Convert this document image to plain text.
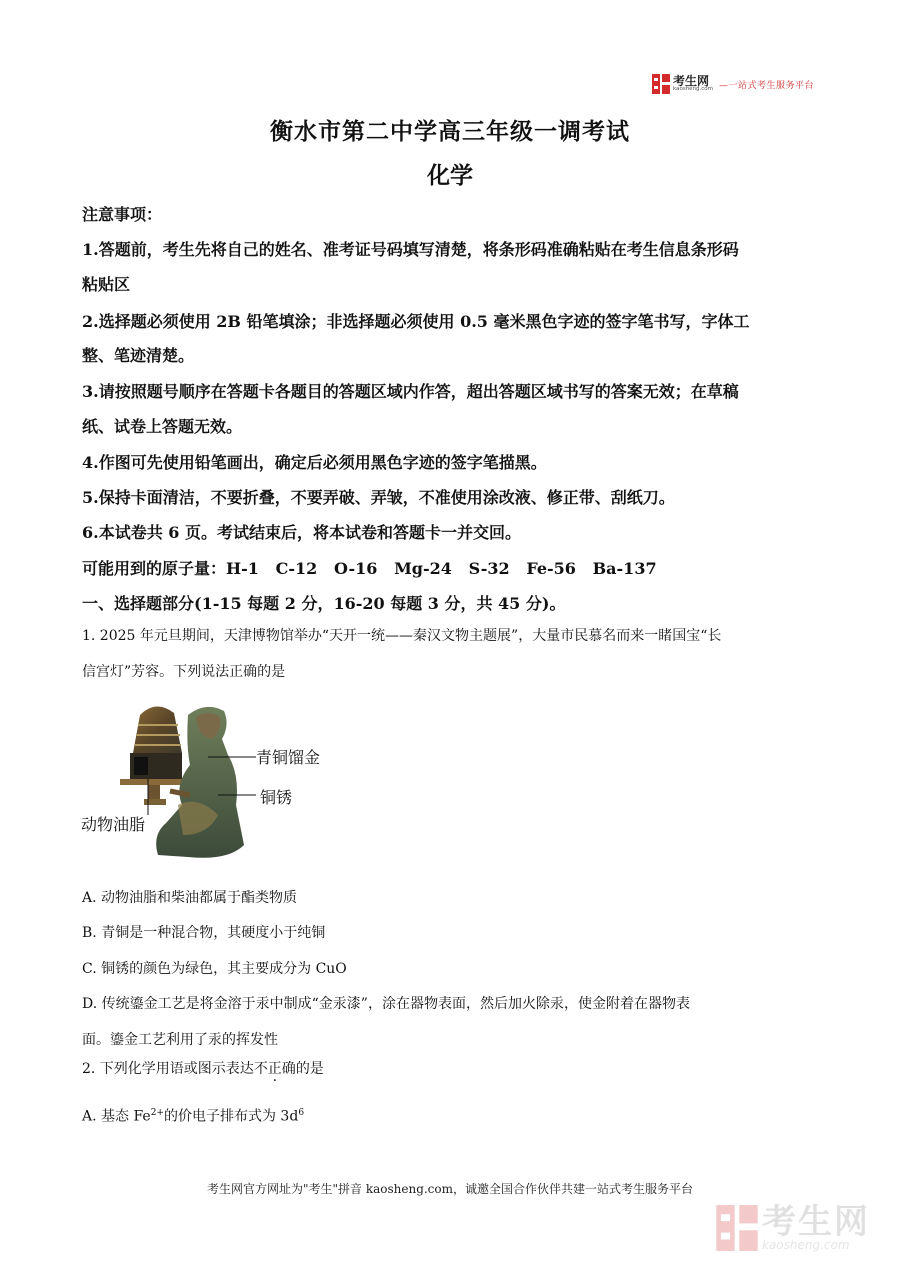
考生网
kaosheng.com —一站式考生服务平台
衡水市第二中学高三年级一调考试
化学
注意事项：
1.答题前，考生先将自己的姓名、准考证号码填写清楚，将条形码准确粘贴在考生信息条形码
粘贴区
2.选择题必须使用 2B 铅笔填涂；非选择题必须使用 0.5 毫米黑色字迹的签字笔书写，字体工
整、笔迹清楚。
3.请按照题号顺序在答题卡各题目的答题区域内作答，超出答题区域书写的答案无效；在草稿
纸、试卷上答题无效。
4.作图可先使用铅笔画出，确定后必须用黑色字迹的签字笔描黑。
5.保持卡面清洁，不要折叠，不要弄破、弄皱，不准使用涂改液、修正带、刮纸刀。
6.本试卷共 6 页。考试结束后，将本试卷和答题卡一并交回。
可能用到的原子量：H-1   C-12   O-16   Mg-24   S-32   Fe-56   Ba-137
一、选择题部分(1-15 每题 2 分，16-20 每题 3 分，共 45 分)。
1. 2025 年元旦期间，天津博物馆举办“天开一统——秦汉文物主题展”，大量市民慕名而来一睹国宝“长
信宫灯”芳容。下列说法正确的是
青铜馏金
铜锈
动物油脂
A. 动物油脂和柴油都属于酯类物质
B. 青铜是一种混合物，其硬度小于纯铜
C. 铜锈的颜色为绿色，其主要成分为 CuO
D. 传统鎏金工艺是将金溶于汞中制成“金汞漆”，涂在器物表面，然后加火除汞，使金附着在器物表
面。鎏金工艺利用了汞的挥发性
2. 下列化学用语或图示表达不正确的是
A. 基态 $Fe^{2+}$的价电子排布式为 $3d^6$
考生网官方网址为"考生"拼音 kaosheng.com，诚邀全国合作伙伴共建一站式考生服务平台
考生网
kaosheng.com
